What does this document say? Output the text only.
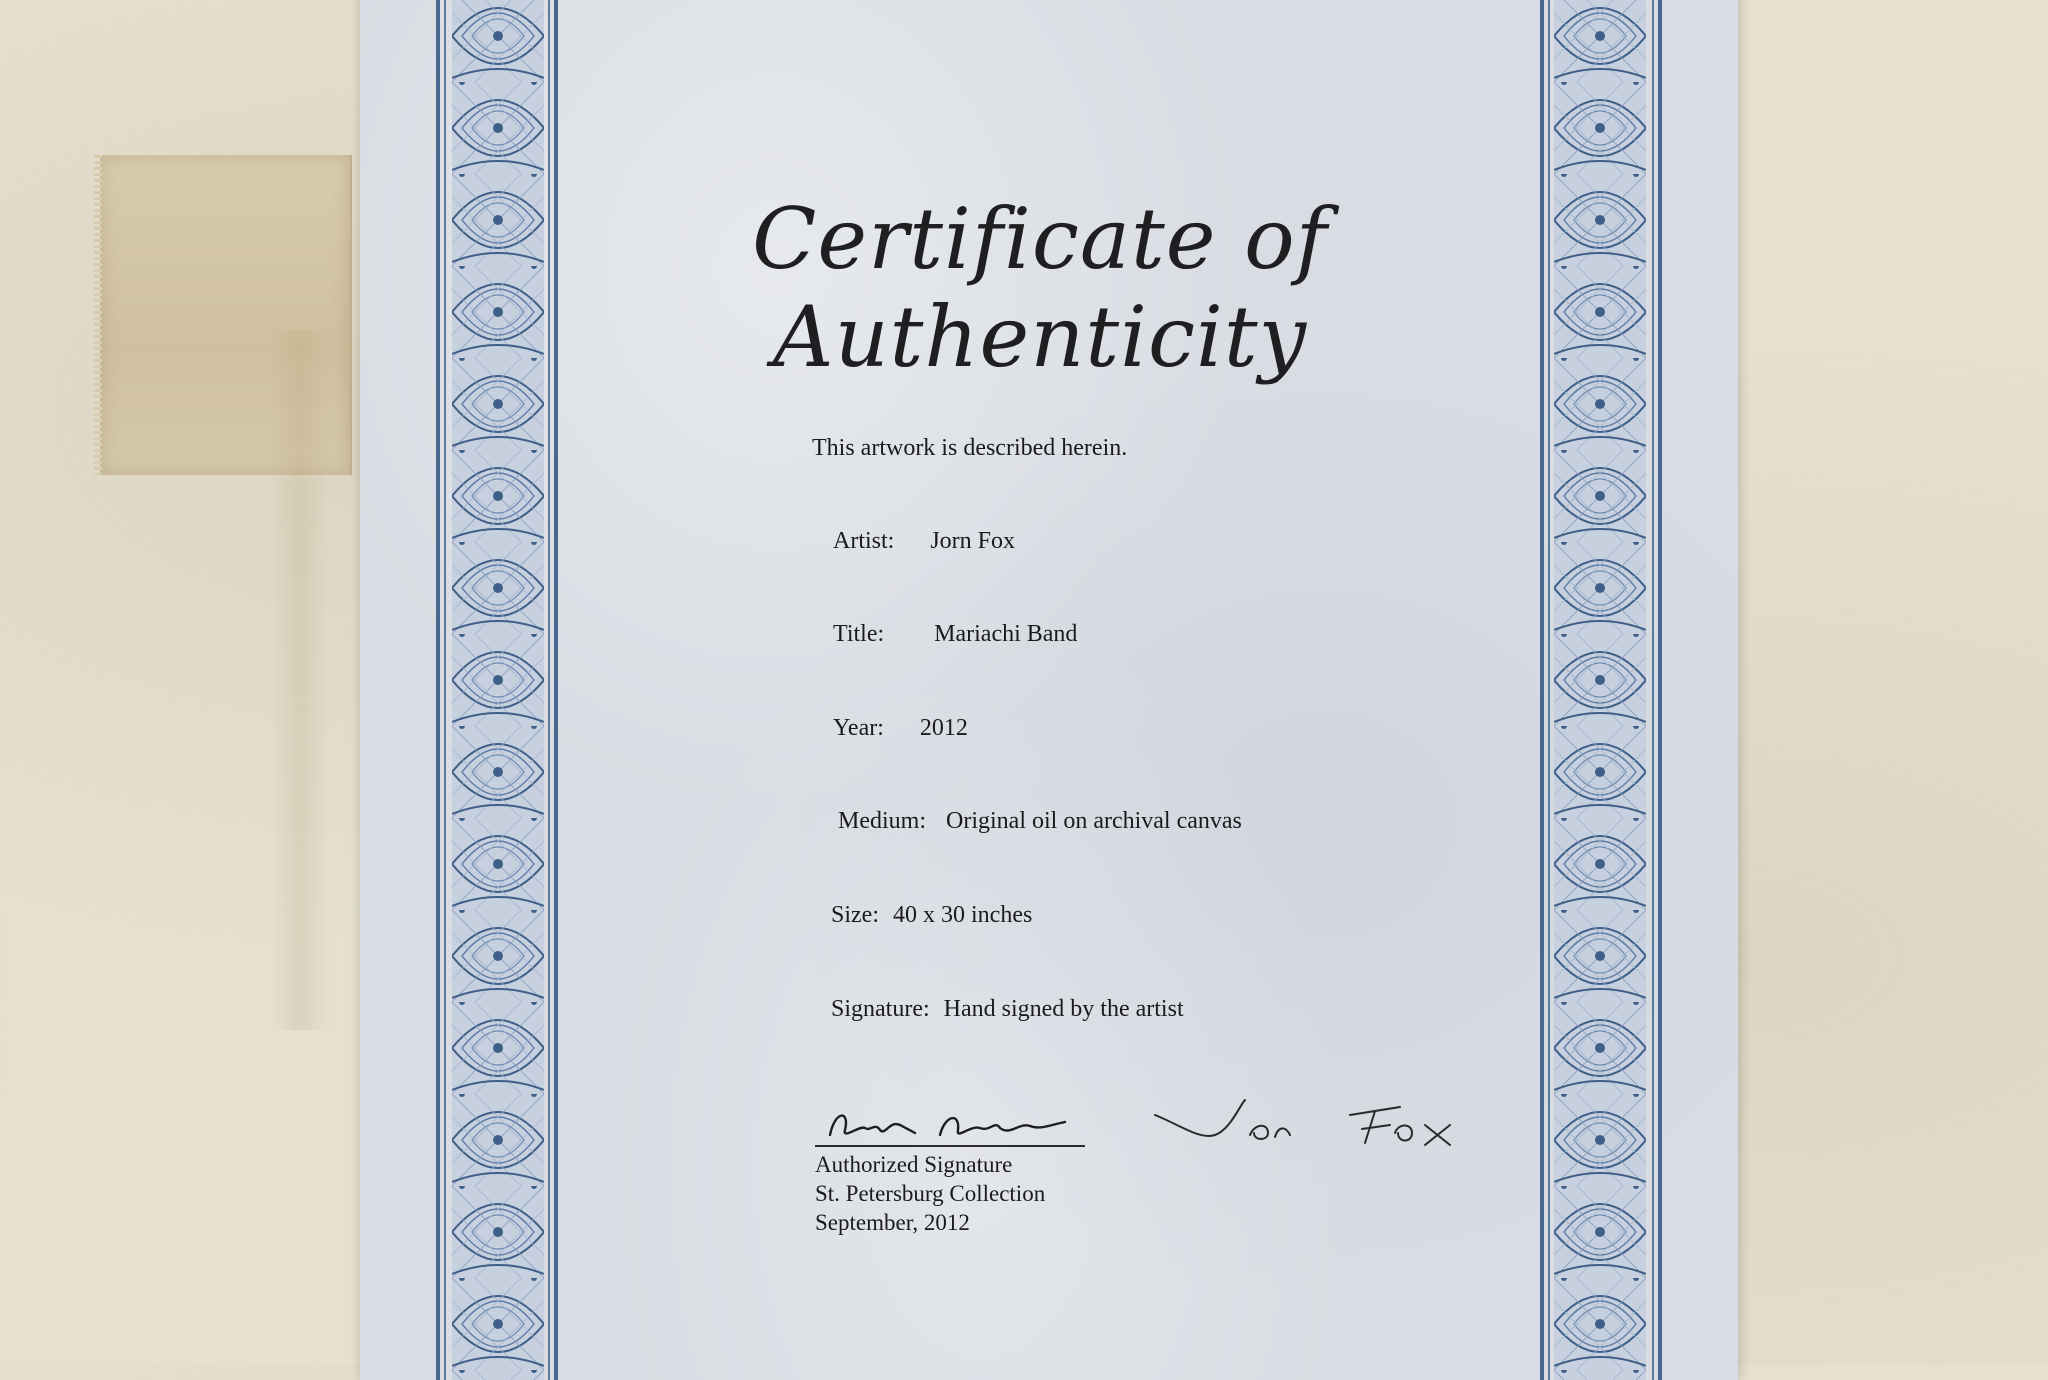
Certificate of Authenticity
This artwork is described herein.
Artist: Jorn Fox
Title: Mariachi Band
Year: 2012
Medium: Original oil on archival canvas
Size: 40 x 30 inches
Signature: Hand signed by the artist
Authorized Signature
St. Petersburg Collection
September, 2012
